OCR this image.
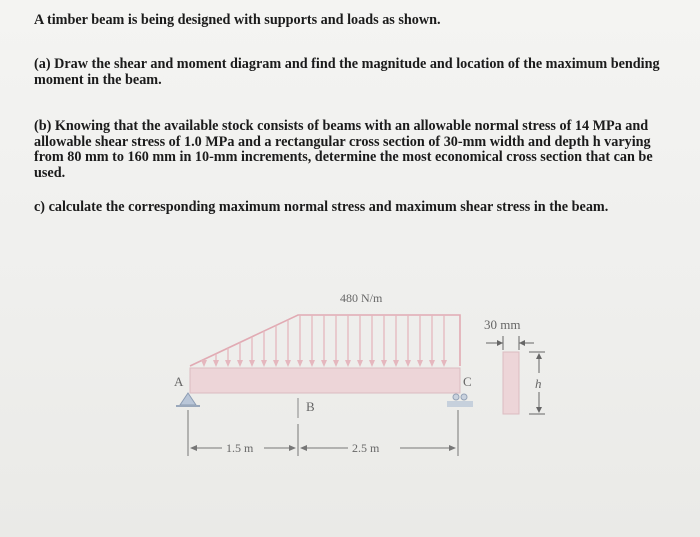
A timber beam is being designed with supports and loads as shown.

(a) Draw the shear and moment diagram and find the magnitude and location of the maximum bending moment in the beam.

(b) Knowing that the available stock consists of beams with an allowable normal stress of 14 MPa and allowable shear stress of 1.0 MPa and a rectangular cross section of 30-mm width and depth h varying from 80 mm to 160 mm in 10-mm increments, determine the most economical cross section that can be used.

c) calculate the corresponding maximum normal stress and maximum shear stress in the beam.

A
B
C
480 N/m
1.5 m	2.5 m
30 mm
h
